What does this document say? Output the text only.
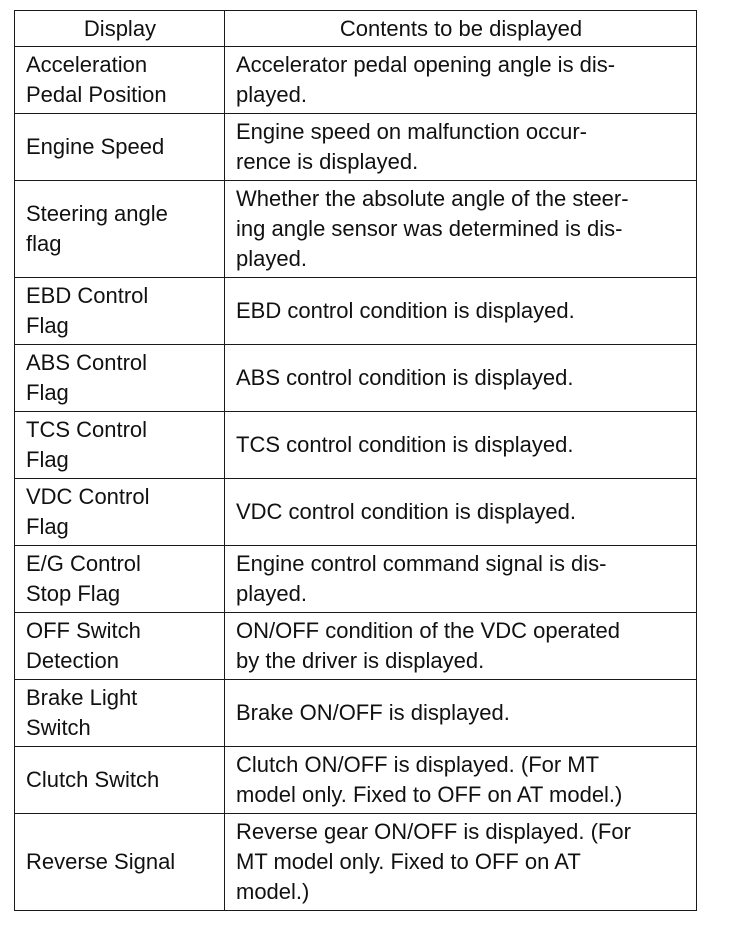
Display	Contents to be displayed

Acceleration
Pedal Position	Accelerator pedal opening angle is dis-
played.

Engine Speed	Engine speed on malfunction occur-
rence is displayed.

Steering angle
flag	Whether the absolute angle of the steer-
ing angle sensor was determined is dis-
played.

EBD Control
Flag	EBD control condition is displayed.

ABS Control
Flag	ABS control condition is displayed.

TCS Control
Flag	TCS control condition is displayed.

VDC Control
Flag	VDC control condition is displayed.

E/G Control
Stop Flag	Engine control command signal is dis-
played.

OFF Switch
Detection	ON/OFF condition of the VDC operated
by the driver is displayed.

Brake Light
Switch	Brake ON/OFF is displayed.

Clutch Switch	Clutch ON/OFF is displayed. (For MT
model only. Fixed to OFF on AT model.)

Reverse Signal	Reverse gear ON/OFF is displayed. (For
MT model only. Fixed to OFF on AT
model.)
